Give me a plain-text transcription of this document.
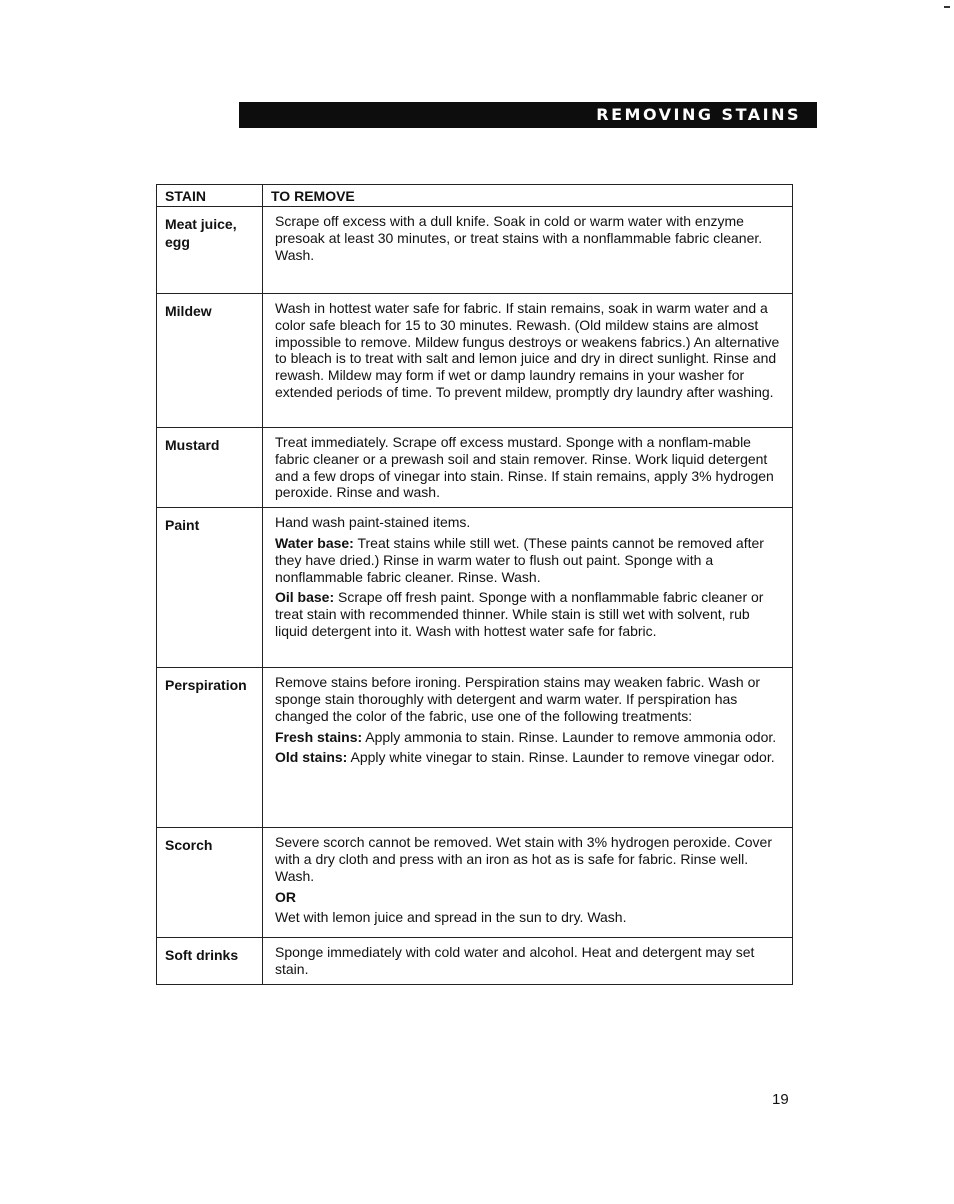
REMOVING STAINS
STAIN	TO REMOVE
Meat juice, egg	Scrape off excess with a dull knife. Soak in cold or warm water with enzyme presoak at least 30 minutes, or treat stains with a nonflammable fabric cleaner. Wash.

Mildew	Wash in hottest water safe for fabric. If stain remains, soak in warm water and a color safe bleach for 15 to 30 minutes. Rewash. (Old mildew stains are almost impossible to remove. Mildew fungus destroys or weakens fabrics.) An alternative to bleach is to treat with salt and lemon juice and dry in direct sunlight. Rinse and rewash. Mildew may form if wet or damp laundry remains in your washer for extended periods of time. To prevent mildew, promptly dry laundry after washing.

Mustard	Treat immediately. Scrape off excess mustard. Sponge with a nonflam-mable fabric cleaner or a prewash soil and stain remover. Rinse. Work liquid detergent and a few drops of vinegar into stain. Rinse. If stain remains, apply 3% hydrogen peroxide. Rinse and wash.

Paint	Hand wash paint-stained items.

Water base: Treat stains while still wet. (These paints cannot be removed after they have dried.) Rinse in warm water to flush out paint. Sponge with a nonflammable fabric cleaner. Rinse. Wash.

Oil base: Scrape off fresh paint. Sponge with a nonflammable fabric cleaner or treat stain with recommended thinner. While stain is still wet with solvent, rub liquid detergent into it. Wash with hottest water safe for fabric.

Perspiration	Remove stains before ironing. Perspiration stains may weaken fabric. Wash or sponge stain thoroughly with detergent and warm water. If perspiration has changed the color of the fabric, use one of the following treatments:

Fresh stains: Apply ammonia to stain. Rinse. Launder to remove ammonia odor.

Old stains: Apply white vinegar to stain. Rinse. Launder to remove vinegar odor.

Scorch	Severe scorch cannot be removed. Wet stain with 3% hydrogen peroxide. Cover with a dry cloth and press with an iron as hot as is safe for fabric. Rinse well. Wash.

OR

Wet with lemon juice and spread in the sun to dry. Wash.

Soft drinks	Sponge immediately with cold water and alcohol. Heat and detergent may set stain.

19
